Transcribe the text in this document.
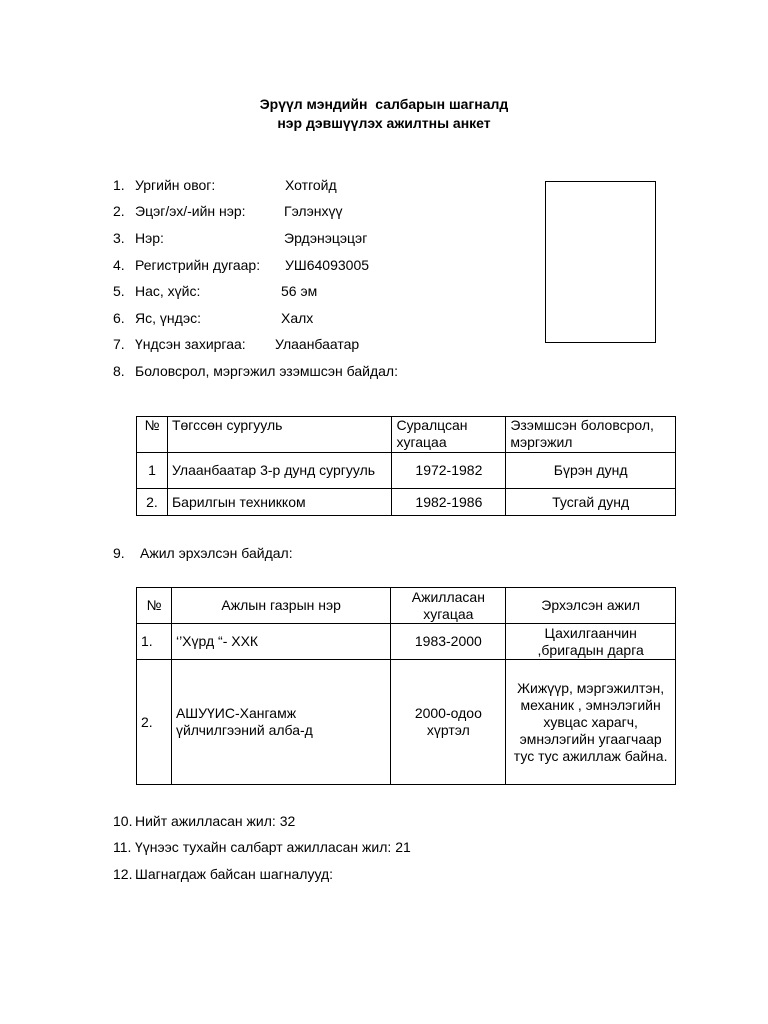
Эрүүл мэндийн  салбарын шагналд
нэр дэвшүүлэх ажилтны анкет
1. Ургийн овог:	Хотгойд
2. Эцэг/эх/-ийн нэр:	Гэлэнхүү
3. Нэр:	Эрдэнэцэцэг
4. Регистрийн дугаар: УШ64093005
5. Нас, хүйс:	56 эм
6. Яс, үндэс:	Халх
7. Үндсэн захиргаа: Улаанбаатар
8. Боловсрол, мэргэжил эзэмшсэн байдал:
№	Төгссөн сургууль	Суралцсан хугацаа	Эзэмшсэн боловсрол, мэргэжил
1	Улаанбаатар 3-р дунд сургууль	1972-1982	Бүрэн дунд
2.	Барилгын техникком	1982-1986	Тусгай дунд
9. Ажил эрхэлсэн байдал:
№	Ажлын газрын нэр	Ажилласан хугацаа	Эрхэлсэн ажил
1.	‘’Хүрд “- ХХК	1983-2000	Цахилгаанчин ,бригадын дарга
2.	АШУҮИС-Хангамж үйлчилгээний алба-д	2000-одоо хүртэл	Жижүүр, мэргэжилтэн, механик , эмнэлэгийн хувцас харагч, эмнэлэгийн угаагчаар тус тус ажиллаж байна.
10. Нийт ажилласан жил: 32
11. Үүнээс тухайн салбарт ажилласан жил: 21
12. Шагнагдаж байсан шагналууд:
